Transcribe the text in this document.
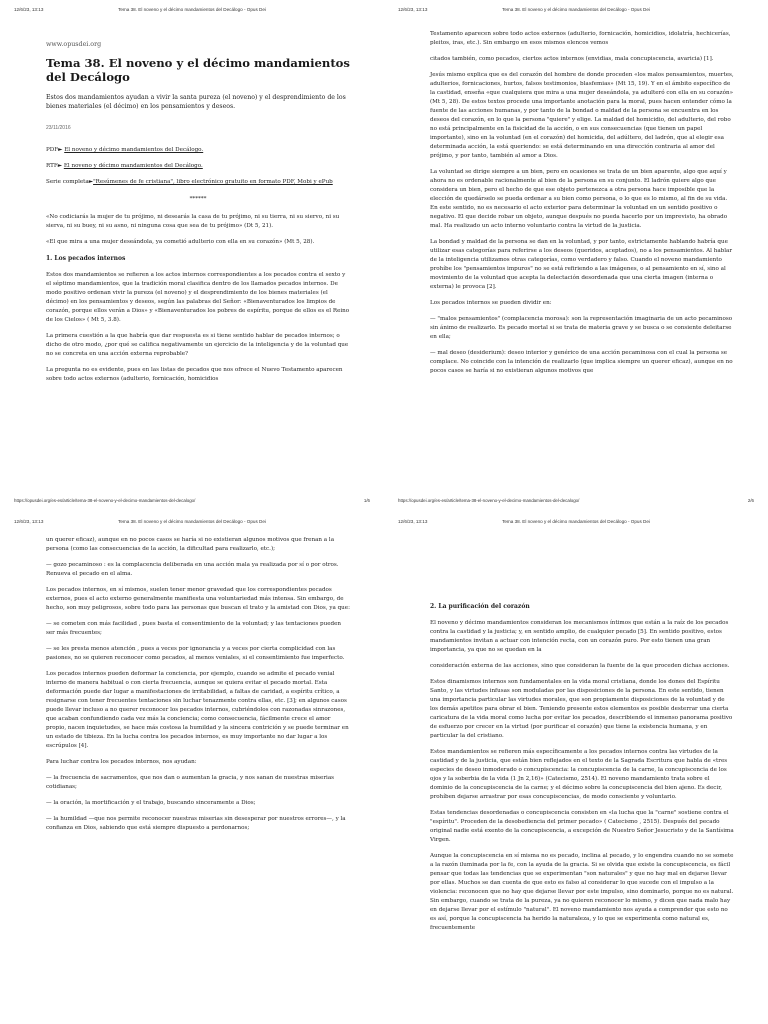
12/6/23, 13:13	Tema 38. El noveno y el décimo mandamientos del Decálogo - Opus Dei

www.opusdei.org

Tema 38. El noveno y el décimo mandamientos del Decálogo

Estos dos mandamientos ayudan a vivir la santa pureza (el noveno) y el desprendimiento de los bienes materiales (el décimo) en los pensamientos y deseos.

23/11/2016

PDF► El noveno y décimo mandamientos del Decálogo.

RTF► El noveno y décimo mandamientos del Decálogo.

Serie completa►"Resúmenes de fe cristiana", libro electrónico gratuito en formato PDF, Mobi y ePub

******

«No codiciarás la mujer de tu prójimo, ni desearás la casa de tu prójimo, ni su tierra, ni su siervo, ni su sierva, ni su buey, ni su asno, ni ninguna cosa que sea de tu prójimo» (Dt 5, 21).

«El que mira a una mujer deseándola, ya cometió adulterio con ella en su corazón» (Mt 5, 28).

1. Los pecados internos

Estos dos mandamientos se refieren a los actos internos correspondientes a los pecados contra el sexto y el séptimo mandamientos, que la tradición moral clasifica dentro de los llamados pecados internos. De modo positivo ordenan vivir la pureza (el noveno) y el desprendimiento de los bienes materiales (el décimo) en los pensamientos y deseos, según las palabras del Señor: «Bienaventurados los limpios de corazón, porque ellos verán a Dios» y «Bienaventurados los pobres de espíritu, porque de ellos es el Reino de los Cielos» ( Mt 5, 3.8).

La primera cuestión a la que habría que dar respuesta es si tiene sentido hablar de pecados internos; o dicho de otro modo, ¿por qué se califica negativamente un ejercicio de la inteligencia y de la voluntad que no se concreta en una acción externa reprobable?

La pregunta no es evidente, pues en las listas de pecados que nos ofrece el Nuevo Testamento aparecen sobre todo actos externos (adulterio, fornicación, homicidios

https://opusdei.org/es-es/article/tema-38-el-noveno-y-el-decimo-mandamientos-del-decalogo/	1/6
12/6/23, 13:13	Tema 38. El noveno y el décimo mandamientos del Decálogo - Opus Dei

Testamento aparecen sobre todo actos externos (adulterio, fornicación, homicidios, idolatría, hechicerías, pleitos, iras, etc.). Sin embargo en esos mismos elencos vemos

citados también, como pecados, ciertos actos internos (envidias, mala concupiscencia, avaricia) [1].

Jesús mismo explica que es del corazón del hombre de donde proceden «los malos pensamientos, muertes, adulterios, fornicaciones, hurtos, falsos testimonios, blasfemias» (Mt 15, 19). Y en el ámbito específico de la castidad, enseña «que cualquiera que mira a una mujer deseándola, ya adulteró con ella en su corazón» (Mt 5, 28). De estos textos procede una importante anotación para la moral, pues hacen entender cómo la fuente de las acciones humanas, y por tanto de la bondad o maldad de la persona se encuentra en los deseos del corazón, en lo que la persona "quiere" y elige. La maldad del homicidio, del adulterio, del robo no está principalmente en la fisicidad de la acción, o en sus consecuencias (que tienen un papel importante), sino en la voluntad (en el corazón) del homicida, del adúltero, del ladrón, que al elegir esa determinada acción, la está queriendo: se está determinando en una dirección contraria al amor del prójimo, y por tanto, también al amor a Dios.

La voluntad se dirige siempre a un bien, pero en ocasiones se trata de un bien aparente, algo que aquí y ahora no es ordenable racionalmente al bien de la persona en su conjunto. El ladrón quiere algo que considera un bien, pero el hecho de que ese objeto pertenezca a otra persona hace imposible que la elección de quedárselo se pueda ordenar a su bien como persona, o lo que es lo mismo, al fin de su vida. En este sentido, no es necesario el acto exterior para determinar la voluntad en un sentido positivo o negativo. El que decide robar un objeto, aunque después no pueda hacerlo por un imprevisto, ha obrado mal. Ha realizado un acto interno voluntario contra la virtud de la justicia.

La bondad y maldad de la persona se dan en la voluntad, y por tanto, estrictamente hablando habría que utilizar esas categorías para referirse a los deseos (queridos, aceptados), no a los pensamientos. Al hablar de la inteligencia utilizamos otras categorías, como verdadero y falso. Cuando el noveno mandamiento prohíbe los "pensamientos impuros" no se está refiriendo a las imágenes, o al pensamiento en sí, sino al movimiento de la voluntad que acepta la delectación desordenada que una cierta imagen (interna o externa) le provoca [2].

Los pecados internos se pueden dividir en:

— "malos pensamientos" (complacencia morosa): son la representación imaginaria de un acto pecaminoso sin ánimo de realizarlo. Es pecado mortal si se trata de materia grave y se busca o se consiente deleitarse en ella;

— mal deseo (desiderium): deseo interior y genérico de una acción pecaminosa con el cual la persona se complace. No coincide con la intención de realizarlo (que implica siempre un querer eficaz), aunque en no pocos casos se haría si no existieran algunos motivos que

https://opusdei.org/es-es/article/tema-38-el-noveno-y-el-decimo-mandamientos-del-decalogo/	2/6
12/6/23, 13:13	Tema 38. El noveno y el décimo mandamientos del Decálogo - Opus Dei

un querer eficaz), aunque en no pocos casos se haría si no existieran algunos motivos que frenan a la persona (como las consecuencias de la acción, la dificultad para realizarlo, etc.);

— gozo pecaminoso : es la complacencia deliberada en una acción mala ya realizada por sí o por otros. Renueva el pecado en el alma.

Los pecados internos, en sí mismos, suelen tener menor gravedad que los correspondientes pecados externos, pues el acto externo generalmente manifiesta una voluntariedad más intensa. Sin embargo, de hecho, son muy peligrosos, sobre todo para las personas que buscan el trato y la amistad con Dios, ya que:

— se cometen con más facilidad , pues basta el consentimiento de la voluntad; y las tentaciones pueden ser más frecuentes;

— se les presta menos atención , pues a veces por ignorancia y a veces por cierta complicidad con las pasiones, no se quieren reconocer como pecados, al menos veniales, si el consentimiento fue imperfecto.

Los pecados internos pueden deformar la conciencia, por ejemplo, cuando se admite el pecado venial interno de manera habitual o con cierta frecuencia, aunque se quiera evitar el pecado mortal. Esta deformación puede dar lugar a manifestaciones de irritabilidad, a faltas de caridad, a espíritu crítico, a resignarse con tener frecuentes tentaciones sin luchar tenazmente contra ellas, etc. [3]; en algunos casos puede llevar incluso a no querer reconocer los pecados internos, cubriéndolos con razonadas sinrazones, que acaban confundiendo cada vez más la conciencia; como consecuencia, fácilmente crece el amor propio, nacen inquietudes, se hace más costosa la humildad y la sincera contrición y se puede terminar en un estado de tibieza. En la lucha contra los pecados internos, es muy importante no dar lugar a los escrúpulos [4].

Para luchar contra los pecados internos, nos ayudan:

— la frecuencia de sacramentos, que nos dan o aumentan la gracia, y nos sanan de nuestras miserias cotidianas;

— la oración, la mortificación y el trabajo, buscando sinceramente a Dios;

— la humildad —que nos permite reconocer nuestras miserias sin desesperar por nuestros errores—, y la confianza en Dios, sabiendo que está siempre dispuesto a perdonarnos;

12/6/23, 13:13	Tema 38. El noveno y el décimo mandamientos del Decálogo - Opus Dei
2. La purificación del corazón

El noveno y décimo mandamientos consideran los mecanismos íntimos que están a la raíz de los pecados contra la castidad y la justicia; y, en sentido amplio, de cualquier pecado [5]. En sentido positivo, estos mandamientos invitan a actuar con intención recta, con un corazón puro. Por esto tienen una gran importancia, ya que no se quedan en la

consideración externa de las acciones, sino que consideran la fuente de la que proceden dichas acciones.

Estos dinamismos internos son fundamentales en la vida moral cristiana, donde los dones del Espíritu Santo, y las virtudes infusas son moduladas por las disposiciones de la persona. En este sentido, tienen una importancia particular las virtudes morales, que son propiamente disposiciones de la voluntad y de los demás apetitos para obrar el bien. Teniendo presente estos elementos es posible desterrar una cierta caricatura de la vida moral como lucha por evitar los pecados, describiendo el inmenso panorama positivo de esfuerzo por crecer en la virtud (por purificar el corazón) que tiene la existencia humana, y en particular la del cristiano.

Estos mandamientos se refieren más específicamente a los pecados internos contra las virtudes de la castidad y de la justicia, que están bien reflejados en el texto de la Sagrada Escritura que habla de «tres especies de deseo inmoderado o concupiscencia: la concupiscencia de la carne, la concupiscencia de los ojos y la soberbia de la vida (1 Jn 2,16)» (Catecismo, 2514). El noveno mandamiento trata sobre el dominio de la concupiscencia de la carne; y el décimo sobre la concupiscencia del bien ajeno. Es decir, prohíben dejarse arrastrar por esas concupiscencias, de modo consciente y voluntario.

Estas tendencias desordenadas o concupiscencia consisten en «la lucha que la "carne" sostiene contra el "espíritu". Proceden de la desobediencia del primer pecado» ( Catecismo , 2515). Después del pecado original nadie está exento de la concupiscencia, a excepción de Nuestro Señor Jesucristo y de la Santísima Virgen.

Aunque la concupiscencia en sí misma no es pecado, inclina al pecado, y lo engendra cuando no se somete a la razón iluminada por la fe, con la ayuda de la gracia. Si se olvida que existe la concupiscencia, es fácil pensar que todas las tendencias que se experimentan "son naturales" y que no hay mal en dejarse llevar por ellas. Muchos se dan cuenta de que esto es falso al considerar lo que sucede con el impulso a la violencia: reconocen que no hay que dejarse llevar por este impulso, sino dominarlo, porque no es natural. Sin embargo, cuando se trata de la pureza, ya no quieren reconocer lo mismo, y dicen que nada malo hay en dejarse llevar por el estímulo "natural". El noveno mandamiento nos ayuda a comprender que esto no es así, porque la concupiscencia ha herido la naturaleza, y lo que se experimenta como natural es, frecuentemente
